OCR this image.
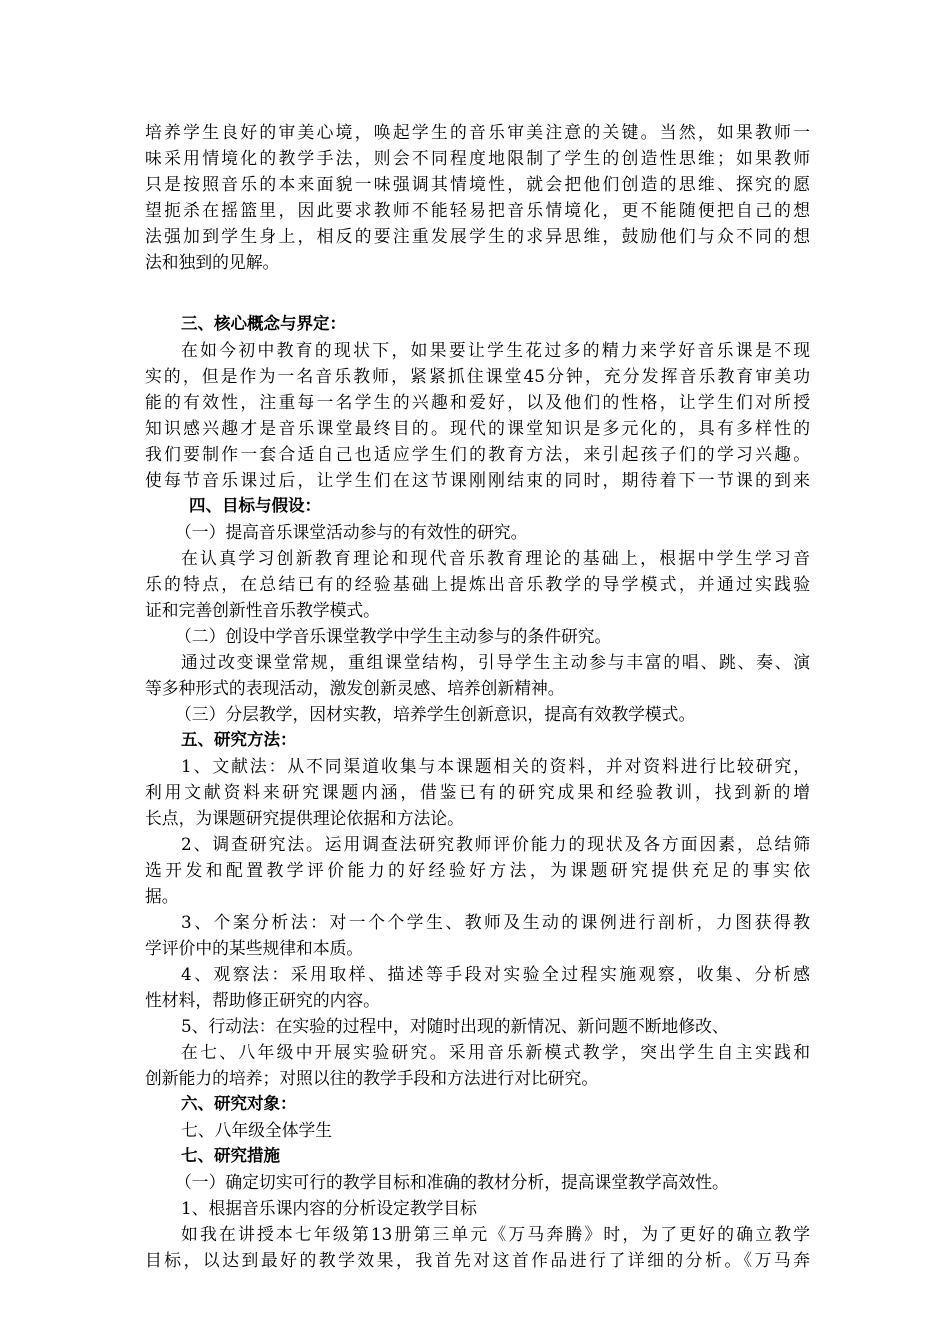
培养学生良好的审美心境，唤起学生的音乐审美注意的关键。当然，如果教师一
味采用情境化的教学手法，则会不同程度地限制了学生的创造性思维；如果教师
只是按照音乐的本来面貌一味强调其情境性，就会把他们创造的思维、探究的愿
望扼杀在摇篮里，因此要求教师不能轻易把音乐情境化，更不能随便把自己的想
法强加到学生身上，相反的要注重发展学生的求异思维，鼓励他们与众不同的想
法和独到的见解。
三、核心概念与界定：
在如今初中教育的现状下，如果要让学生花过多的精力来学好音乐课是不现
实的，但是作为一名音乐教师，紧紧抓住课堂45分钟，充分发挥音乐教育审美功
能的有效性，注重每一名学生的兴趣和爱好，以及他们的性格，让学生们对所授
知识感兴趣才是音乐课堂最终目的。现代的课堂知识是多元化的，具有多样性的
我们要制作一套合适自己也适应学生们的教育方法，来引起孩子们的学习兴趣。
使每节音乐课过后，让学生们在这节课刚刚结束的同时，期待着下一节课的到来
四、目标与假设：
（一）提高音乐课堂活动参与的有效性的研究。
在认真学习创新教育理论和现代音乐教育理论的基础上，根据中学生学习音
乐的特点，在总结已有的经验基础上提炼出音乐教学的导学模式，并通过实践验
证和完善创新性音乐教学模式。
（二）创设中学音乐课堂教学中学生主动参与的条件研究。
通过改变课堂常规，重组课堂结构，引导学生主动参与丰富的唱、跳、奏、演
等多种形式的表现活动，激发创新灵感、培养创新精神。
（三）分层教学，因材实教，培养学生创新意识，提高有效教学模式。
五、研究方法：
1、文献法：从不同渠道收集与本课题相关的资料，并对资料进行比较研究，
利用文献资料来研究课题内涵，借鉴已有的研究成果和经验教训，找到新的增
长点，为课题研究提供理论依据和方法论。
2、调查研究法。运用调查法研究教师评价能力的现状及各方面因素，总结筛
选开发和配置教学评价能力的好经验好方法，为课题研究提供充足的事实依
据。
3、个案分析法：对一个个学生、教师及生动的课例进行剖析，力图获得教
学评价中的某些规律和本质。
4、观察法：采用取样、描述等手段对实验全过程实施观察，收集、分析感
性材料，帮助修正研究的内容。
5、行动法：在实验的过程中，对随时出现的新情况、新问题不断地修改、
在七、八年级中开展实验研究。采用音乐新模式教学，突出学生自主实践和
创新能力的培养；对照以往的教学手段和方法进行对比研究。
六、研究对象：
七、八年级全体学生
七、研究措施
（一）确定切实可行的教学目标和准确的教材分析，提高课堂教学高效性。
1、根据音乐课内容的分析设定教学目标
如我在讲授本七年级第13册第三单元《万马奔腾》时，为了更好的确立教学
目标，以达到最好的教学效果，我首先对这首作品进行了详细的分析。《万马奔
